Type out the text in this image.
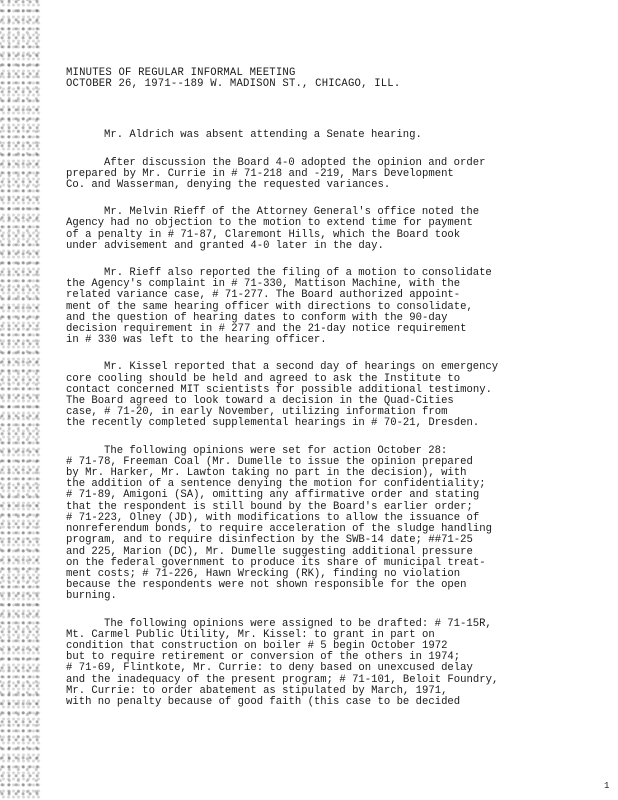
MINUTES OF REGULAR INFORMAL MEETING
OCTOBER 26, 1971--189 W. MADISON ST., CHICAGO, ILL.

Mr. Aldrich was absent attending a Senate hearing.

After discussion the Board 4-0 adopted the opinion and order
prepared by Mr. Currie in # 71-218 and -219, Mars Development
Co. and Wasserman, denying the requested variances.

Mr. Melvin Rieff of the Attorney General's office noted the
Agency had no objection to the motion to extend time for payment
of a penalty in # 71-87, Claremont Hills, which the Board took
under advisement and granted 4-0 later in the day.

Mr. Rieff also reported the filing of a motion to consolidate
the Agency's complaint in # 71-330, Mattison Machine, with the
related variance case, # 71-277. The Board authorized appoint-
ment of the same hearing officer with directions to consolidate,
and the question of hearing dates to conform with the 90-day
decision requirement in # 277 and the 21-day notice requirement
in # 330 was left to the hearing officer.

Mr. Kissel reported that a second day of hearings on emergency
core cooling should be held and agreed to ask the Institute to
contact concerned MIT scientists for possible additional testimony.
The Board agreed to look toward a decision in the Quad-Cities
case, # 71-20, in early November, utilizing information from
the recently completed supplemental hearings in # 70-21, Dresden.

The following opinions were set for action October 28:
# 71-78, Freeman Coal (Mr. Dumelle to issue the opinion prepared
by Mr. Harker, Mr. Lawton taking no part in the decision), with
the addition of a sentence denying the motion for confidentiality;
# 71-89, Amigoni (SA), omitting any affirmative order and stating
that the respondent is still bound by the Board's earlier order;
# 71-223, Olney (JD), with modifications to allow the issuance of
nonreferendum bonds, to require acceleration of the sludge handling
program, and to require disinfection by the SWB-14 date; ##71-25
and 225, Marion (DC), Mr. Dumelle suggesting additional pressure
on the federal government to produce its share of municipal treat-
ment costs; # 71-226, Hawn Wrecking (RK), finding no violation
because the respondents were not shown responsible for the open
burning.

The following opinions were assigned to be drafted: # 71-15R,
Mt. Carmel Public Utility, Mr. Kissel: to grant in part on
condition that construction on boiler # 5 begin October 1972
but to require retirement or conversion of the others in 1974;
# 71-69, Flintkote, Mr. Currie: to deny based on unexcused delay
and the inadequacy of the present program; # 71-101, Beloit Foundry,
Mr. Currie: to order abatement as stipulated by March, 1971,
with no penalty because of good faith (this case to be decided

1
